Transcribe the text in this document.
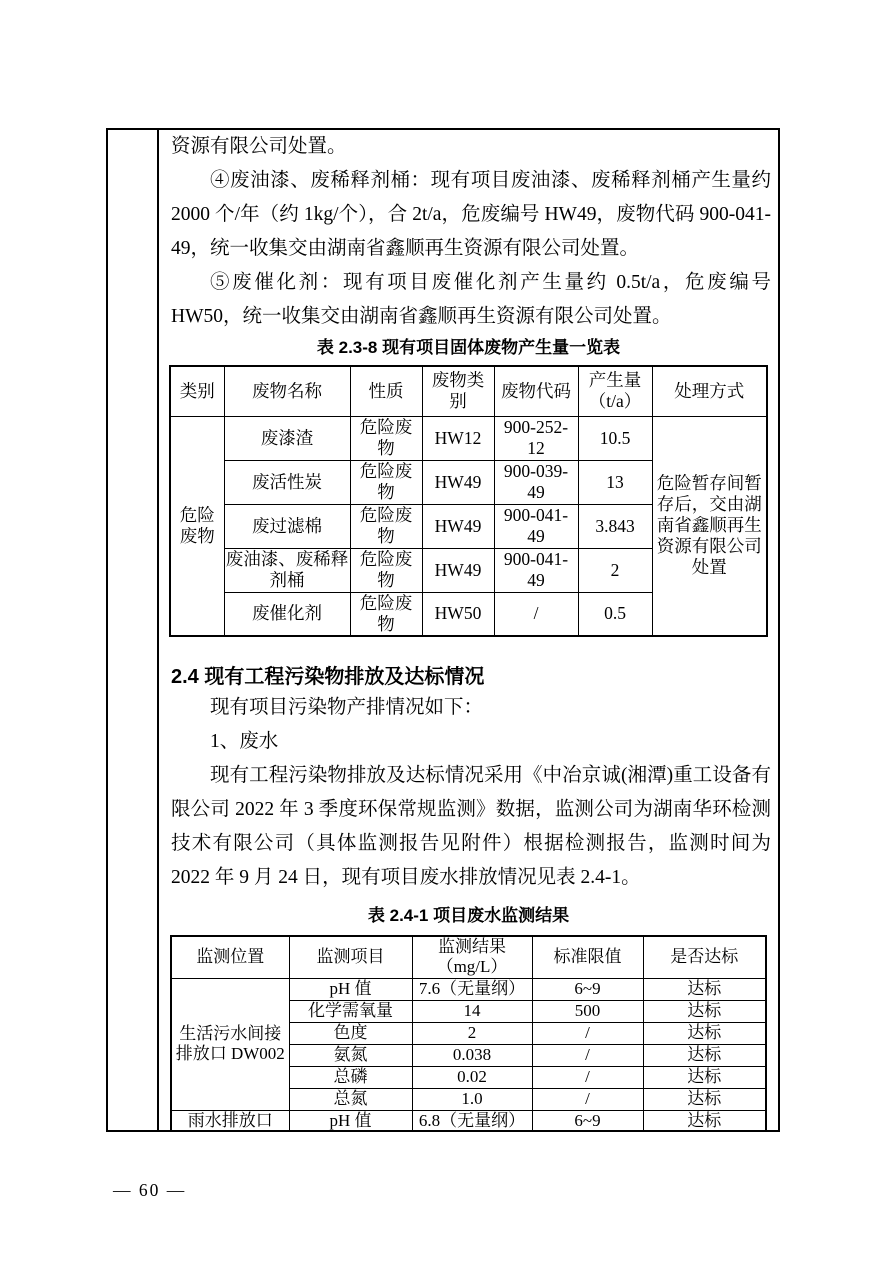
资源有限公司处置。

④废油漆、废稀释剂桶：现有项目废油漆、废稀释剂桶产生量约 2000 个/年（约 1kg/个），合 2t/a，危废编号 HW49，废物代码 900-041-49，统一收集交由湖南省鑫顺再生资源有限公司处置。

⑤废催化剂：现有项目废催化剂产生量约 0.5t/a，危废编号 HW50，统一收集交由湖南省鑫顺再生资源有限公司处置。

表 2.3-8 现有项目固体废物产生量一览表
类别	废物名称	性质	废物类别	废物代码	产生量（t/a）	处理方式
危险废物	废漆渣	危险废物	HW12	900-252-12	10.5	危险暂存间暂存后，交由湖南省鑫顺再生资源有限公司处置
	废活性炭	危险废物	HW49	900-039-49	13	
	废过滤棉	危险废物	HW49	900-041-49	3.843	
	废油漆、废稀释剂桶	危险废物	HW49	900-041-49	2	
	废催化剂	危险废物	HW50	/	0.5	
2.4 现有工程污染物排放及达标情况

现有项目污染物产排情况如下：

1、废水

现有工程污染物排放及达标情况采用《中冶京诚(湘潭)重工设备有限公司 2022 年 3 季度环保常规监测》数据，监测公司为湖南华环检测技术有限公司（具体监测报告见附件）根据检测报告，监测时间为 2022 年 9 月 24 日，现有项目废水排放情况见表 2.4-1。

表 2.4-1 项目废水监测结果
监测位置	监测项目	监测结果（mg/L）	标准限值	是否达标
生活污水间接排放口 DW002	pH 值	7.6（无量纲）	6~9	达标
	化学需氧量	14	500	达标
	色度	2	/	达标
	氨氮	0.038	/	达标
	总磷	0.02	/	达标
	总氮	1.0	/	达标
雨水排放口	pH 值	6.8（无量纲）	6~9	达标
— 60 —
